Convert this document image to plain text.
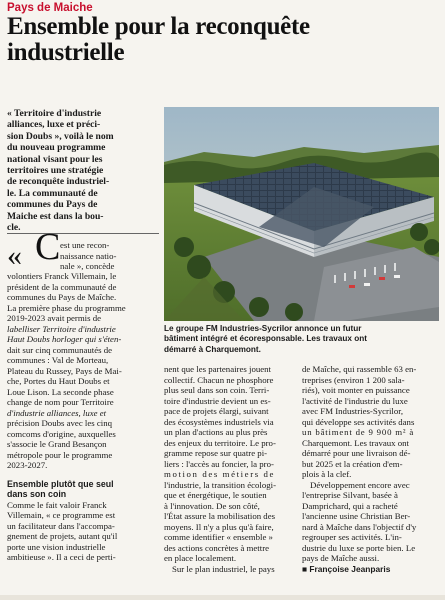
Pays de Maiche
Ensemble pour la reconquête
industrielle
« Territoire d'industrie
alliances, luxe et préci-
sion Doubs », voilà le nom
du nouveau programme
national visant pour les
territoires une stratégie
de reconquête industriel-
le. La communauté de
communes du Pays de
Maiche est dans la bou-
cle.
Le groupe FM Industries-Sycrilor annonce un futur
bâtiment intégré et écoresponsable. Les travaux ont
démarré à Charquemont.
« C est une recon-
naissance natio-
nale », concède
volontiers Franck Villemain, le
président de la communauté de
communes du Pays de Maîche.
La première phase du programme
2019-2023 avait permis de
labelliser Territoire d'industrie
Haut Doubs horloger qui s'éten-
dait sur cinq communautés de
communes : Val de Morteau,
Plateau du Russey, Pays de Mai-
che, Portes du Haut Doubs et
Loue Lison. La seconde phase
change de nom pour Territoire
d'industrie alliances, luxe et
précision Doubs avec les cinq
comcoms d'origine, auxquelles
s'associe le Grand Besançon
métropole pour le programme
2023-2027.
Ensemble plutôt que seul
dans son coin
Comme le fait valoir Franck
Villemain, « ce programme est
un facilitateur dans l'accompa-
gnement de projets, autant qu'il
porte une vision industrielle
ambitieuse ». Il a ceci de perti-
nent que les partenaires jouent
collectif. Chacun ne phosphore
plus seul dans son coin. Terri-
toire d'industrie devient un es-
pace de projets élargi, suivant
des écosystèmes industriels via
un plan d'actions au plus près
des enjeux du territoire. Le pro-
gramme repose sur quatre pi-
liers : l'accès au foncier, la pro-
motion des métiers de
l'industrie, la transition écologi-
que et énergétique, le soutien
à l'innovation. De son côté,
l'État assure la mobilisation des
moyens. Il n'y a plus qu'à faire,
comme identifier « ensemble »
des actions concrètes à mettre
en place localement.
Sur le plan industriel, le pays
de Maîche, qui rassemble 63 en-
treprises (environ 1 200 sala-
riés), voit monter en puissance
l'activité de l'industrie du luxe
avec FM Industries-Sycrilor,
qui développe ses activités dans
un bâtiment de 9 900 m² à
Charquemont. Les travaux ont
démarré pour une livraison dé-
but 2025 et la création d'em-
plois à la clef.
Développement encore avec
l'entreprise Silvant, basée à
Damprichard, qui a racheté
l'ancienne usine Christian Ber-
nard à Maîche dans l'objectif d'y
regrouper ses activités. L'in-
dustrie du luxe se porte bien. Le
pays de Maîche aussi.
■ Françoise Jeanparis
